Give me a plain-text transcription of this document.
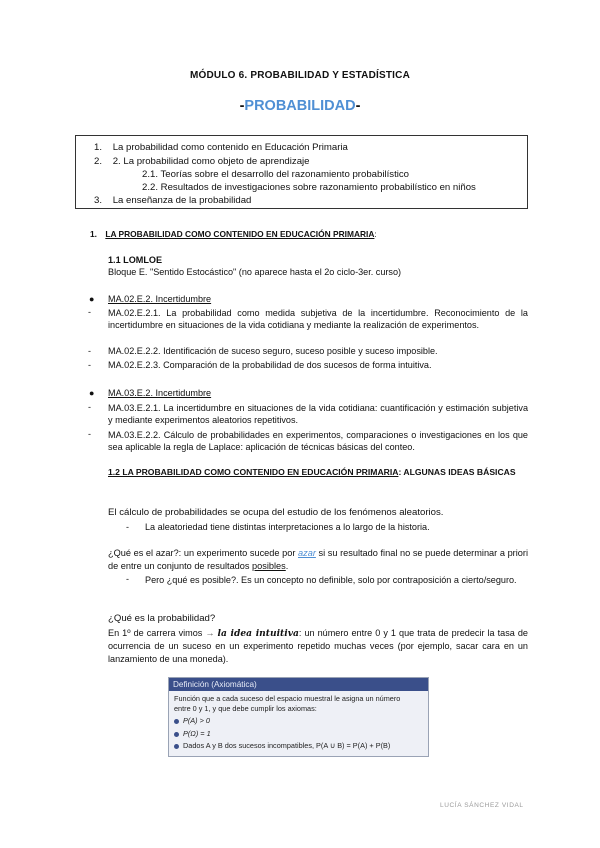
MÓDULO 6. PROBABILIDAD Y ESTADÍSTICA
-PROBABILIDAD-
1. La probabilidad como contenido en Educación Primaria
2. 2. La probabilidad como objeto de aprendizaje
2.1. Teorías sobre el desarrollo del razonamiento probabilístico
2.2. Resultados de investigaciones sobre razonamiento probabilístico en niños
3. La enseñanza de la probabilidad
1. LA PROBABILIDAD COMO CONTENIDO EN EDUCACIÓN PRIMARIA:
1.1 LOMLOE
Bloque E. "Sentido Estocástico" (no aparece hasta el 2o ciclo-3er. curso)
● MA.02.E.2. Incertidumbre
- MA.02.E.2.1. La probabilidad como medida subjetiva de la incertidumbre. Reconocimiento de la incertidumbre en situaciones de la vida cotidiana y mediante la realización de experimentos.
- MA.02.E.2.2. Identificación de suceso seguro, suceso posible y suceso imposible.
- MA.02.E.2.3. Comparación de la probabilidad de dos sucesos de forma intuitiva.
● MA.03.E.2. Incertidumbre
- MA.03.E.2.1. La incertidumbre en situaciones de la vida cotidiana: cuantificación y estimación subjetiva y mediante experimentos aleatorios repetitivos.
- MA.03.E.2.2. Cálculo de probabilidades en experimentos, comparaciones o investigaciones en los que sea aplicable la regla de Laplace: aplicación de técnicas básicas del conteo.
1.2 LA PROBABILIDAD COMO CONTENIDO EN EDUCACIÓN PRIMARIA: ALGUNAS IDEAS BÁSICAS
El cálculo de probabilidades se ocupa del estudio de los fenómenos aleatorios.
- La aleatoriedad tiene distintas interpretaciones a lo largo de la historia.
¿Qué es el azar?: un experimento sucede por azar si su resultado final no se puede determinar a priori de entre un conjunto de resultados posibles.
- Pero ¿qué es posible?. Es un concepto no definible, solo por contraposición a cierto/seguro.
¿Qué es la probabilidad?
En 1º de carrera vimos → la idea intuitiva: un número entre 0 y 1 que trata de predecir la tasa de ocurrencia de un suceso en un experimento repetido muchas veces (por ejemplo, sacar cara en un lanzamiento de una moneda).
Definición (Axiomática)
Función que a cada suceso del espacio muestral le asigna un número
entre 0 y 1, y que debe cumplir los axiomas:
P(A) > 0
P(Ω) = 1
Dados A y B dos sucesos incompatibles, P(A ∪ B) = P(A) + P(B)
LUCÍA SÁNCHEZ VIDAL
